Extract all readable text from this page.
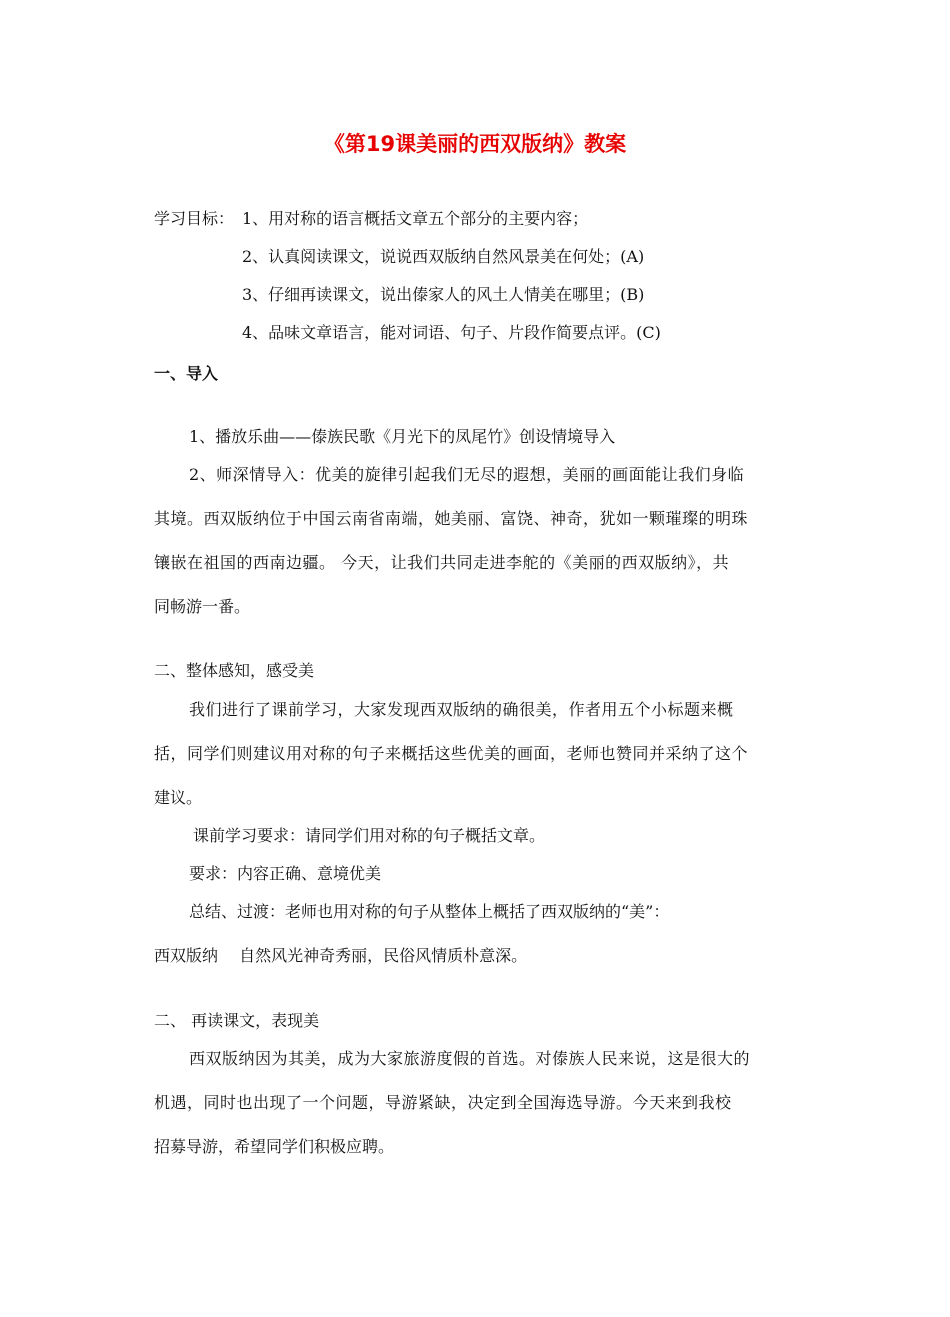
《第19课美丽的西双版纳》教案
学习目标： 1、用对称的语言概括文章五个部分的主要内容；
2、认真阅读课文，说说西双版纳自然风景美在何处；(A)
3、仔细再读课文，说出傣家人的风土人情美在哪里；(B)
4、品味文章语言，能对词语、句子、片段作简要点评。(C)
一、导入
1、播放乐曲——傣族民歌《月光下的凤尾竹》创设情境导入
2、师深情导入：优美的旋律引起我们无尽的遐想，美丽的画面能让我们身临
其境。西双版纳位于中国云南省南端，她美丽、富饶、神奇，犹如一颗璀璨的明珠
镶嵌在祖国的西南边疆。 今天，让我们共同走进李舵的《美丽的西双版纳》，共
同畅游一番。
二、整体感知，感受美
我们进行了课前学习，大家发现西双版纳的确很美，作者用五个小标题来概
括，同学们则建议用对称的句子来概括这些优美的画面，老师也赞同并采纳了这个
建议。
课前学习要求：请同学们用对称的句子概括文章。
要求：内容正确、意境优美
总结、过渡：老师也用对称的句子从整体上概括了西双版纳的“美”：
西双版纳　 自然风光神奇秀丽，民俗风情质朴意深。
二、 再读课文，表现美
西双版纳因为其美，成为大家旅游度假的首选。对傣族人民来说，这是很大的
机遇，同时也出现了一个问题，导游紧缺，决定到全国海选导游。今天来到我校
招募导游，希望同学们积极应聘。
